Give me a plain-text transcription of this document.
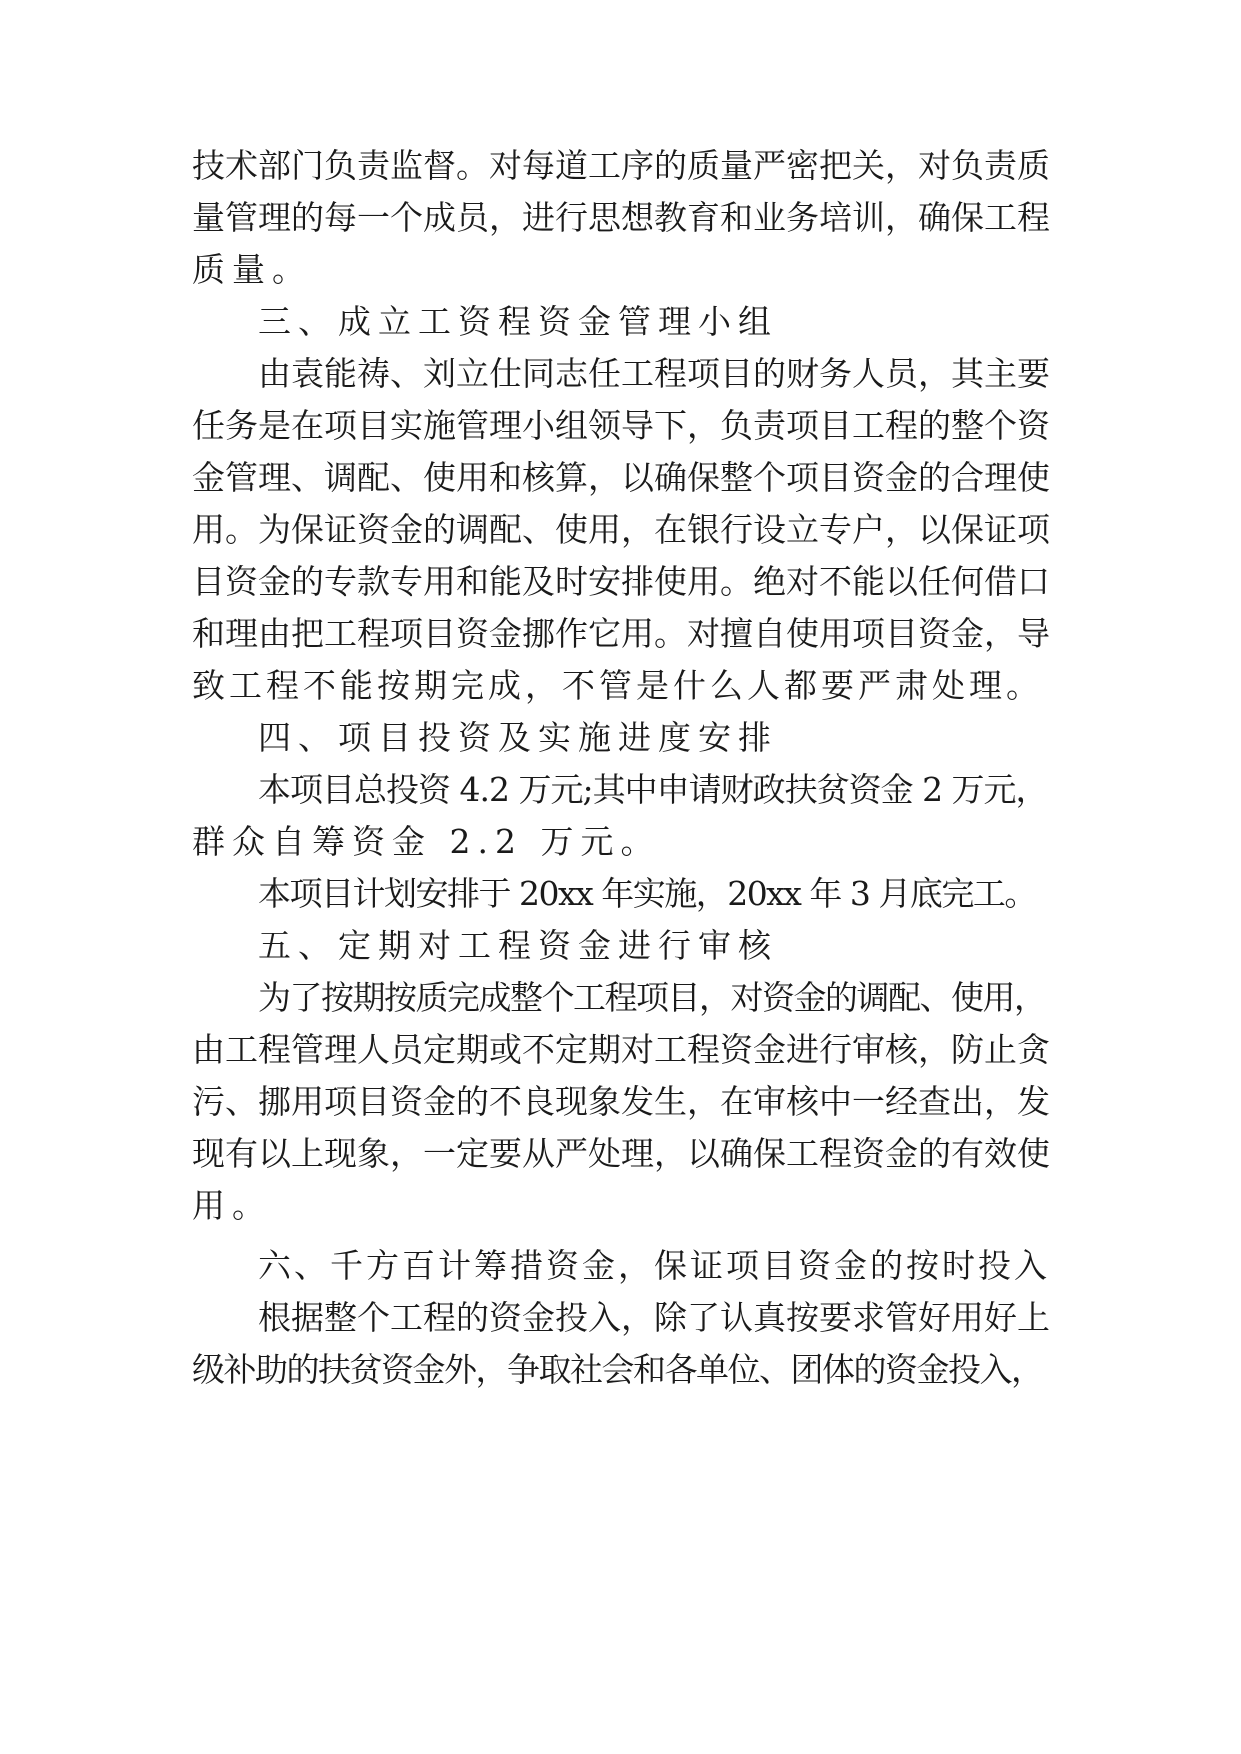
技术部门负责监督。对每道工序的质量严密把关，对负责质
量管理的每一个成员，进行思想教育和业务培训，确保工程
质量。
三、成立工资程资金管理小组
由袁能祷、刘立仕同志任工程项目的财务人员，其主要
任务是在项目实施管理小组领导下，负责项目工程的整个资
金管理、调配、使用和核算，以确保整个项目资金的合理使
用。为保证资金的调配、使用，在银行设立专户，以保证项
目资金的专款专用和能及时安排使用。绝对不能以任何借口
和理由把工程项目资金挪作它用。对擅自使用项目资金，导
致工程不能按期完成，不管是什么人都要严肃处理。
四、项目投资及实施进度安排
本项目总投资 4.2 万元;其中申请财政扶贫资金 2 万元，
群众自筹资金 2.2 万元。
本项目计划安排于 20xx 年实施，20xx 年 3 月底完工。
五、定期对工程资金进行审核
为了按期按质完成整个工程项目，对资金的调配、使用，
由工程管理人员定期或不定期对工程资金进行审核，防止贪
污、挪用项目资金的不良现象发生，在审核中一经查出，发
现有以上现象，一定要从严处理，以确保工程资金的有效使
用。
六、千方百计筹措资金，保证项目资金的按时投入
根据整个工程的资金投入，除了认真按要求管好用好上
级补助的扶贫资金外，争取社会和各单位、团体的资金投入，
